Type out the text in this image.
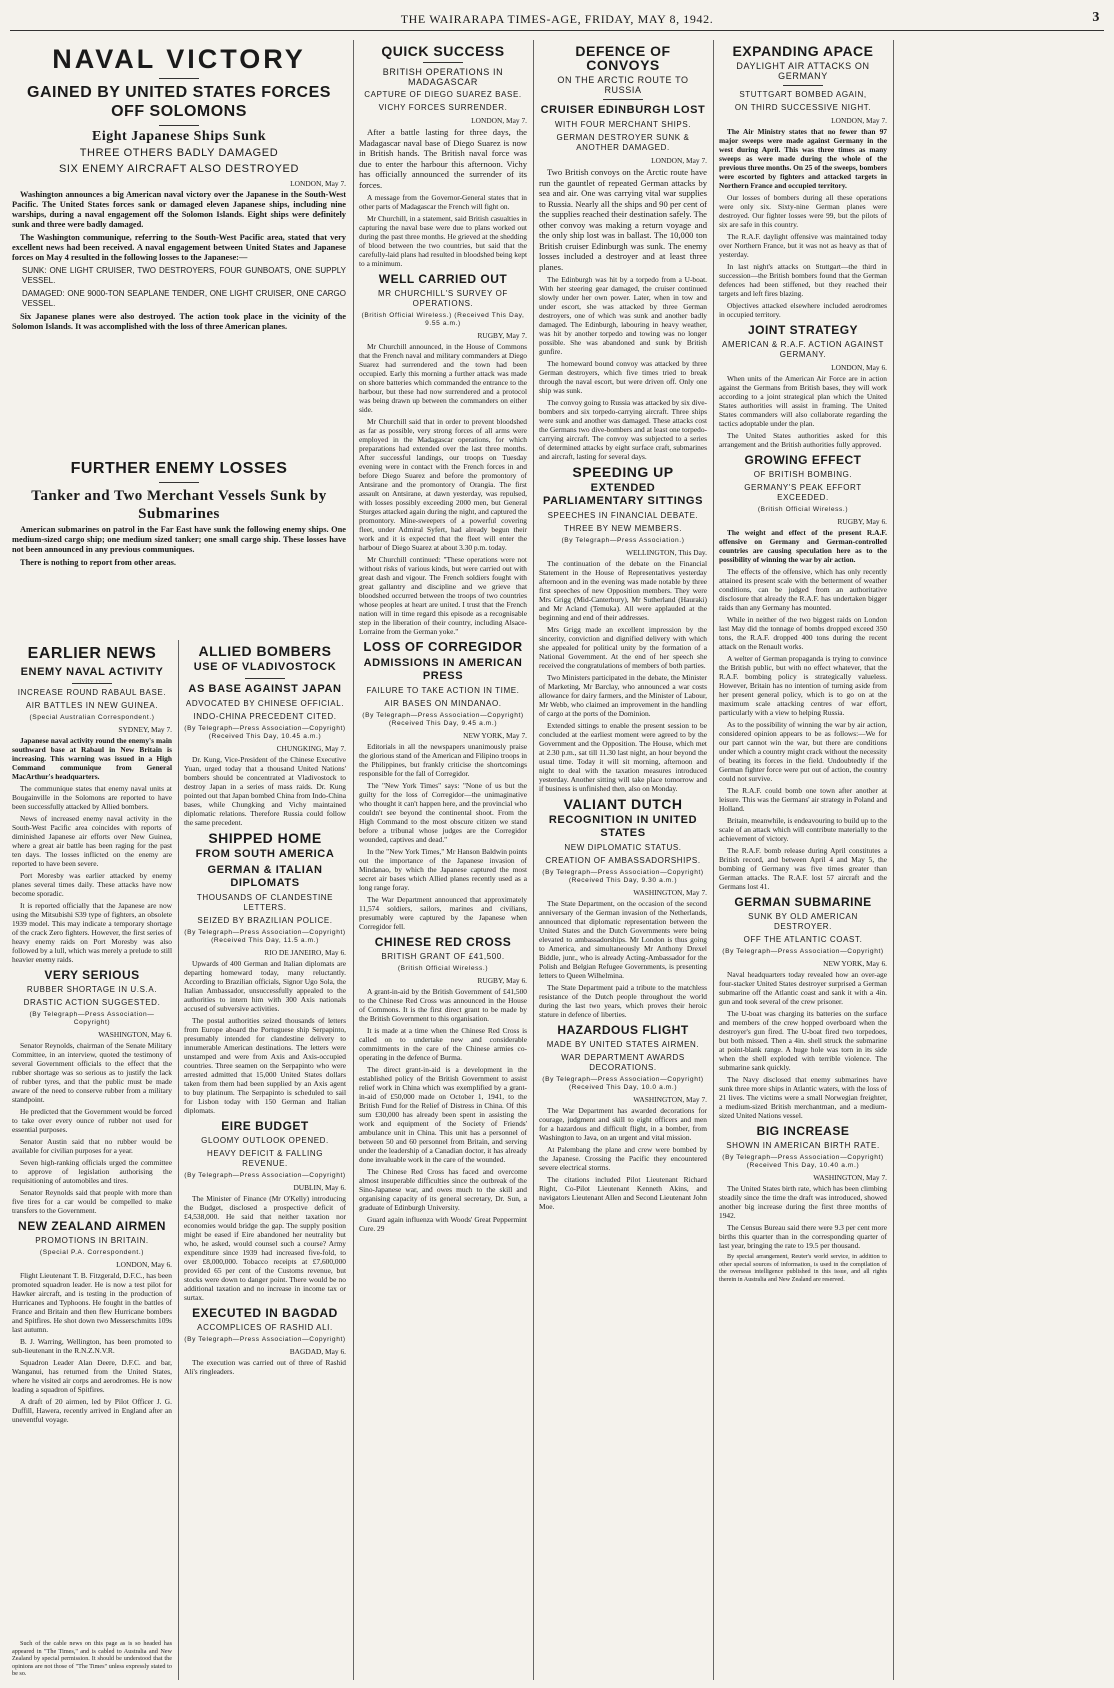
THE WAIRARAPA TIMES-AGE, FRIDAY, MAY 8, 1942.	3
NAVAL VICTORY
GAINED BY UNITED STATES FORCES OFF SOLOMONS
Eight Japanese Ships Sunk
THREE OTHERS BADLY DAMAGED
SIX ENEMY AIRCRAFT ALSO DESTROYED
LONDON, May 7.

Washington announces a big American naval victory over the Japanese in the South-West Pacific. The United States forces sank or damaged eleven Japanese ships, including nine warships, during a naval engagement off the Solomon Islands. Eight ships were definitely sunk and three were badly damaged.

The Washington communique, referring to the South-West Pacific area, stated that very excellent news had been received. A naval engagement between United States and Japanese forces on May 4 resulted in the following losses to the Japanese:—

SUNK: ONE LIGHT CRUISER, TWO DESTROYERS, FOUR GUNBOATS, ONE SUPPLY VESSEL.

DAMAGED: ONE 9000-TON SEAPLANE TENDER, ONE LIGHT CRUISER, ONE CARGO VESSEL.

Six Japanese planes were also destroyed. The action took place in the vicinity of the Solomon Islands. It was accomplished with the loss of three American planes.

FURTHER ENEMY LOSSES
Tanker and Two Merchant Vessels Sunk by Submarines

American submarines on patrol in the Far East have sunk the following enemy ships. One medium-sized cargo ship; one medium sized tanker; one small cargo ship. These losses have not been announced in any previous communiques.

There is nothing to report from other areas.

EARLIER NEWS
ENEMY NAVAL ACTIVITY
INCREASE ROUND RABAUL BASE.
AIR BATTLES IN NEW GUINEA.
(Special Australian Correspondent.)
SYDNEY, May 7.

Japanese naval activity round the enemy's main southward base at Rabaul in New Britain is increasing. This warning was issued in a High Command communique from General MacArthur's headquarters.

The communique states that enemy naval units at Bougainville in the Solomons are reported to have been successfully attacked by Allied bombers.

News of increased enemy naval activity in the South-West Pacific area coincides with reports of diminished Japanese air efforts over New Guinea, where a great air battle has been raging for the past ten days. The losses inflicted on the enemy are reported to have been severe.

Port Moresby was earlier attacked by enemy planes several times daily. These attacks have now become sporadic.

It is reported officially that the Japanese are now using the Mitsubishi S39 type of fighters, an obsolete 1939 model. This may indicate a temporary shortage of the crack Zero fighters. However, the first series of heavy enemy raids on Port Moresby was also followed by a lull, which was merely a prelude to still heavier enemy raids.

VERY SERIOUS
RUBBER SHORTAGE IN U.S.A.
DRASTIC ACTION SUGGESTED.
(By Telegraph—Press Association—Copyright)
WASHINGTON, May 6.

Senator Reynolds, chairman of the Senate Military Committee, in an interview, quoted the testimony of several Government officials to the effect that the rubber shortage was so serious as to justify the lack of rubber tyres, and that the public must be made aware of the need to conserve rubber from a military standpoint.

He predicted that the Government would be forced to take over every ounce of rubber not used for essential purposes.

Senator Austin said that no rubber would be available for civilian purposes for a year.

Seven high-ranking officials urged the committee to approve of legislation authorising the requisitioning of automobiles and tires.

Senator Reynolds said that people with more than five tires for a car would be compelled to make transfers to the Government.

NEW ZEALAND AIRMEN
PROMOTIONS IN BRITAIN.
(Special P.A. Correspondent.)
LONDON, May 6.

Flight Lieutenant T. B. Fitzgerald, D.F.C., has been promoted squadron leader. He is now a test pilot for Hawker aircraft, and is testing in the production of Hurricanes and Typhoons. He fought in the battles of France and Britain and then flew Hurricane bombers and Spitfires. He shot down two Messerschmitts 109s last autumn.

B. J. Warring, Wellington, has been promoted to sub-lieutenant in the R.N.Z.N.V.R.

Squadron Leader Alan Deere, D.F.C. and bar, Wanganui, has returned from the United States, where he visited air corps and aerodromes. He is now leading a squadron of Spitfires.

A draft of 20 airmen, led by Pilot Officer J. G. Duffill, Hawera, recently arrived in England after an uneventful voyage.

Such of the cable news on this page as is so headed has appeared in "The Times," and is cabled to Australia and New Zealand by special permission. It should be understood that the opinions are not those of "The Times" unless expressly stated to be so.

ALLIED BOMBERS
USE OF VLADIVOSTOCK
AS BASE AGAINST JAPAN
ADVOCATED BY CHINESE OFFICIAL.
INDO-CHINA PRECEDENT CITED.
(By Telegraph—Press Association—Copyright) (Received This Day, 10.45 a.m.)
CHUNGKING, May 7.

Dr. Kung, Vice-President of the Chinese Executive Yuan, urged today that a thousand United Nations' bombers should be concentrated at Vladivostock to destroy Japan in a series of mass raids. Dr. Kung pointed out that Japan bombed China from Indo-China bases, while Chungking and Vichy maintained diplomatic relations. Therefore Russia could follow the same precedent.

SHIPPED HOME
FROM SOUTH AMERICA
GERMAN & ITALIAN DIPLOMATS
THOUSANDS OF CLANDESTINE LETTERS.
SEIZED BY BRAZILIAN POLICE.
(By Telegraph—Press Association—Copyright) (Received This Day, 11.5 a.m.)
RIO DE JANEIRO, May 6.

Upwards of 400 German and Italian diplomats are departing homeward today, many reluctantly. According to Brazilian officials, Signor Ugo Sola, the Italian Ambassador, unsuccessfully appealed to the authorities to intern him with 300 Axis nationals accused of subversive activities.

The postal authorities seized thousands of letters from Europe aboard the Portuguese ship Serpapinto, presumably intended for clandestine delivery to innumerable American destinations. The letters were unstamped and were from Axis and Axis-occupied countries. Three seamen on the Serpapinto who were arrested admitted that 15,000 United States dollars taken from them had been supplied by an Axis agent to buy platinum. The Serpapinto is scheduled to sail for Lisbon today with 150 German and Italian diplomats.

EIRE BUDGET
GLOOMY OUTLOOK OPENED.
HEAVY DEFICIT & FALLING REVENUE.
(By Telegraph—Press Association—Copyright)
DUBLIN, May 6.

The Minister of Finance (Mr O'Kelly) introducing the Budget, disclosed a prospective deficit of £4,538,000. He said that neither taxation nor economies would bridge the gap. The supply position might be eased if Eire abandoned her neutrality but who, he asked, would counsel such a course? Army expenditure since 1939 had increased five-fold, to over £8,000,000. Tobacco receipts at £7,600,000 provided 65 per cent of the Customs revenue, but stocks were down to danger point. There would be no additional taxation and no increase in income tax or surtax.

EXECUTED IN BAGDAD
ACCOMPLICES OF RASHID ALI.
(By Telegraph—Press Association—Copyright)
BAGDAD, May 6.

The execution was carried out of three of Rashid Ali's ringleaders.

QUICK SUCCESS
BRITISH OPERATIONS IN MADAGASCAR
CAPTURE OF DIEGO SUAREZ BASE.
VICHY FORCES SURRENDER.
LONDON, May 7.

After a battle lasting for three days, the Madagascar naval base of Diego Suarez is now in British hands. The British naval force was due to enter the harbour this afternoon. Vichy has officially announced the surrender of its forces.

A message from the Governor-General states that in other parts of Madagascar the French will fight on.

Mr Churchill, in a statement, said British casualties in capturing the naval base were due to plans worked out during the past three months. He grieved at the shedding of blood between the two countries, but said that the carefully-laid plans had resulted in bloodshed being kept to a minimum.

WELL CARRIED OUT
MR CHURCHILL'S SURVEY OF OPERATIONS.
(British Official Wireless.) (Received This Day, 9.55 a.m.)
RUGBY, May 7.

Mr Churchill announced, in the House of Commons that the French naval and military commanders at Diego Suarez had surrendered and the town had been occupied. Early this morning a further attack was made on shore batteries which commanded the entrance to the harbour, but these had now surrendered and a protocol was being drawn up between the commanders on either side.

Mr Churchill said that in order to prevent bloodshed as far as possible, very strong forces of all arms were employed in the Madagascar operations, for which preparations had extended over the last three months. After successful landings, our troops on Tuesday evening were in contact with the French forces in and before Diego Suarez and before the promontory of Antsirane and the promontory of Orangia. The first assault on Antsirane, at dawn yesterday, was repulsed, with losses possibly exceeding 2000 men, but General Sturges attacked again during the night, and captured the promontory. Mine-sweepers of a powerful covering fleet, under Admiral Syfert, had already begun their work and it is expected that the fleet will enter the harbour of Diego Suarez at about 3.30 p.m. today.

Mr Churchill continued: "These operations were not without risks of various kinds, but were carried out with great dash and vigour. The French soldiers fought with great gallantry and discipline and we grieve that bloodshed occurred between the troops of two countries whose peoples at heart are united. I trust that the French nation will in time regard this episode as a recognisable step in the liberation of their country, including Alsace-Lorraine from the German yoke."

LOSS OF CORREGIDOR
ADMISSIONS IN AMERICAN PRESS
FAILURE TO TAKE ACTION IN TIME.
AIR BASES ON MINDANAO.
(By Telegraph—Press Association—Copyright) (Received This Day, 9.45 a.m.)
NEW YORK, May 7.

Editorials in all the newspapers unanimously praise the glorious stand of the American and Filipino troops in the Philippines, but frankly criticise the shortcomings responsible for the fall of Corregidor.

The "New York Times" says: "None of us but the guilty for the loss of Corregidor—the unimaginative who thought it can't happen here, and the provincial who couldn't see beyond the continental shoot. From the High Command to the most obscure citizen we stand before a tribunal whose judges are the Corregidor wounded, captives and dead."

In the "New York Times," Mr Hanson Baldwin points out the importance of the Japanese invasion of Mindanao, by which the Japanese captured the most secret air bases which Allied planes recently used as a long range foray.

The War Department announced that approximately 11,574 soldiers, sailors, marines and civilians, presumably were captured by the Japanese when Corregidor fell.

CHINESE RED CROSS
BRITISH GRANT OF £41,500.
(British Official Wireless.)
RUGBY, May 6.

A grant-in-aid by the British Government of £41,500 to the Chinese Red Cross was announced in the House of Commons. It is the first direct grant to be made by the British Government to this organisation.

It is made at a time when the Chinese Red Cross is called on to undertake new and considerable commitments in the care of the Chinese armies co-operating in the defence of Burma.

The direct grant-in-aid is a development in the established policy of the British Government to assist relief work in China which was exemplified by a grant-in-aid of £50,000 made on October 1, 1941, to the British Fund for the Relief of Distress in China. Of this sum £30,000 has already been spent in assisting the work and equipment of the Society of Friends' ambulance unit in China. This unit has a personnel of between 50 and 60 personnel from Britain, and serving under the leadership of a Canadian doctor, it has already done invaluable work in the care of the wounded.

The Chinese Red Cross has faced and overcome almost insuperable difficulties since the outbreak of the Sino-Japanese war, and owes much to the skill and organising capacity of its general secretary, Dr. Sun, a graduate of Edinburgh University.

Guard again influenza with Woods' Great Peppermint Cure. 29

DEFENCE OF CONVOYS
ON THE ARCTIC ROUTE TO RUSSIA
CRUISER EDINBURGH LOST
WITH FOUR MERCHANT SHIPS.
GERMAN DESTROYER SUNK & ANOTHER DAMAGED.
LONDON, May 7.

Two British convoys on the Arctic route have run the gauntlet of repeated German attacks by sea and air. One was carrying vital war supplies to Russia. Nearly all the ships and 90 per cent of the supplies reached their destination safely. The other convoy was making a return voyage and the only ship lost was in ballast. The 10,000 ton British cruiser Edinburgh was sunk. The enemy losses included a destroyer and at least three planes.

The Edinburgh was hit by a torpedo from a U-boat. With her steering gear damaged, the cruiser continued slowly under her own power. Later, when in tow and under escort, she was attacked by three German destroyers, one of which was sunk and another badly damaged. The Edinburgh, labouring in heavy weather, was hit by another torpedo and towing was no longer possible. She was abandoned and sunk by British gunfire.

The homeward bound convoy was attacked by three German destroyers, which five times tried to break through the naval escort, but were driven off. Only one ship was sunk.

The convoy going to Russia was attacked by six dive-bombers and six torpedo-carrying aircraft. Three ships were sunk and another was damaged. These attacks cost the Germans two dive-bombers and at least one torpedo-carrying aircraft. The convoy was subjected to a series of determined attacks by eight surface craft, submarines and aircraft, lasting for several days.

SPEEDING UP
EXTENDED PARLIAMENTARY SITTINGS
SPEECHES IN FINANCIAL DEBATE.
THREE BY NEW MEMBERS.
(By Telegraph—Press Association.)
WELLINGTON, This Day.

The continuation of the debate on the Financial Statement in the House of Representatives yesterday afternoon and in the evening was made notable by three first speeches of new Opposition members. They were Mrs Grigg (Mid-Canterbury), Mr Sutherland (Hauraki) and Mr Acland (Temuka). All were applauded at the beginning and end of their addresses.

Mrs Grigg made an excellent impression by the sincerity, conviction and dignified delivery with which she appealed for political unity by the formation of a National Government. At the end of her speech she received the congratulations of members of both parties.

Two Ministers participated in the debate, the Minister of Marketing, Mr Barclay, who announced a war costs allowance for dairy farmers, and the Minister of Labour, Mr Webb, who claimed an improvement in the handling of cargo at the ports of the Dominion.

Extended sittings to enable the present session to be concluded at the earliest moment were agreed to by the Government and the Opposition. The House, which met at 2.30 p.m., sat till 11.30 last night, an hour beyond the usual time. Today it will sit morning, afternoon and night to deal with the taxation measures introduced yesterday. Another sitting will take place tomorrow and if business is unfinished then, also on Monday.

VALIANT DUTCH
RECOGNITION IN UNITED STATES
NEW DIPLOMATIC STATUS.
CREATION OF AMBASSADORSHIPS.
(By Telegraph—Press Association—Copyright) (Received This Day, 9.30 a.m.)
WASHINGTON, May 7.

The State Department, on the occasion of the second anniversary of the German invasion of the Netherlands, announced that diplomatic representation between the United States and the Dutch Governments were being elevated to ambassadorships. Mr London is thus going to America, and simultaneously Mr Anthony Drexel Biddle, junr., who is already Acting-Ambassador for the Polish and Belgian Refugee Governments, is presenting letters to Queen Wilhelmina.

The State Department paid a tribute to the matchless resistance of the Dutch people throughout the world during the last two years, which proves their heroic stature in defence of liberties.

HAZARDOUS FLIGHT
MADE BY UNITED STATES AIRMEN.
WAR DEPARTMENT AWARDS DECORATIONS.
(By Telegraph—Press Association—Copyright) (Received This Day, 10.0 a.m.)
WASHINGTON, May 7.

The War Department has awarded decorations for courage, judgment and skill to eight officers and men for a hazardous and difficult flight, in a bomber, from Washington to Java, on an urgent and vital mission.

At Palembang the plane and crew were bombed by the Japanese. Crossing the Pacific they encountered severe electrical storms.

The citations included Pilot Lieutenant Richard Right, Co-Pilot Lieutenant Kenneth Akins, and navigators Lieutenant Allen and Second Lieutenant John Moe.

EXPANDING APACE
DAYLIGHT AIR ATTACKS ON GERMANY
STUTTGART BOMBED AGAIN,
ON THIRD SUCCESSIVE NIGHT.
LONDON, May 7.

The Air Ministry states that no fewer than 97 major sweeps were made against Germany in the west during April. This was three times as many sweeps as were made during the whole of the previous three months. On 25 of the sweeps, bombers were escorted by fighters and attacked targets in Northern France and occupied territory.

Our losses of bombers during all these operations were only six. Sixty-nine German planes were destroyed. Our fighter losses were 99, but the pilots of six are safe in this country.

The R.A.F. daylight offensive was maintained today over Northern France, but it was not as heavy as that of yesterday.

In last night's attacks on Stuttgart—the third in succession—the British bombers found that the German defences had been stiffened, but they reached their targets and left fires blazing.

Objectives attacked elsewhere included aerodromes in occupied territory.

JOINT STRATEGY
AMERICAN & R.A.F. ACTION AGAINST GERMANY.
LONDON, May 6.

When units of the American Air Force are in action against the Germans from British bases, they will work according to a joint strategical plan which the United States authorities will assist in framing. The United States commanders will also collaborate regarding the tactics adoptable under the plan.

The United States authorities asked for this arrangement and the British authorities fully approved.

GROWING EFFECT
OF BRITISH BOMBING.
GERMANY'S PEAK EFFORT EXCEEDED.
(British Official Wireless.)
RUGBY, May 6.

The weight and effect of the present R.A.F. offensive on Germany and German-controlled countries are causing speculation here as to the possibility of winning the war by air action.

The effects of the offensive, which has only recently attained its present scale with the betterment of weather conditions, can be judged from an authoritative disclosure that already the R.A.F. has undertaken bigger raids than any Germany has mounted.

While in neither of the two biggest raids on London last May did the tonnage of bombs dropped exceed 350 tons, the R.A.F. dropped 400 tons during the recent attack on the Renault works.

A welter of German propaganda is trying to convince the British public, but with no effect whatever, that the R.A.F. bombing policy is strategically valueless. However, Britain has no intention of turning aside from her present general policy, which is to go on at the maximum scale attacking centres of war effort, particularly with a view to helping Russia.

As to the possibility of winning the war by air action, considered opinion appears to be as follows:—We for our part cannot win the war, but there are conditions under which a country might crack without the necessity of beating its forces in the field. Undoubtedly if the German fighter force were put out of action, the country could not survive.

The R.A.F. could bomb one town after another at leisure. This was the Germans' air strategy in Poland and Holland.

Britain, meanwhile, is endeavouring to build up to the scale of an attack which will contribute materially to the achievement of victory.

The R.A.F. bomb release during April constitutes a British record, and between April 4 and May 5, the bombing of Germany was five times greater than German attacks. The R.A.F. lost 57 aircraft and the Germans lost 41.

GERMAN SUBMARINE
SUNK BY OLD AMERICAN DESTROYER.
OFF THE ATLANTIC COAST.
(By Telegraph—Press Association—Copyright)
NEW YORK, May 6.

Naval headquarters today revealed how an over-age four-stacker United States destroyer surprised a German submarine off the Atlantic coast and sank it with a 4in. gun and took several of the crew prisoner.

The U-boat was charging its batteries on the surface and members of the crew hopped overboard when the destroyer's gun fired. The U-boat fired two torpedoes, but both missed. Then a 4in. shell struck the submarine at point-blank range. A huge hole was torn in its side when the shell exploded with terrible violence. The submarine sank quickly.

The Navy disclosed that enemy submarines have sunk three more ships in Atlantic waters, with the loss of 21 lives. The victims were a small Norwegian freighter, a medium-sized British merchantman, and a medium-sized United Nations vessel.

BIG INCREASE
SHOWN IN AMERICAN BIRTH RATE.
(By Telegraph—Press Association—Copyright) (Received This Day, 10.40 a.m.)
WASHINGTON, May 7.

The United States birth rate, which has been climbing steadily since the time the draft was introduced, showed another big increase during the first three months of 1942.

The Census Bureau said there were 9.3 per cent more births this quarter than in the corresponding quarter of last year, bringing the rate to 19.5 per thousand.

By special arrangement, Reuter's world service, in addition to other special sources of information, is used in the compilation of the overseas intelligence published in this issue, and all rights therein in Australia and New Zealand are reserved.
